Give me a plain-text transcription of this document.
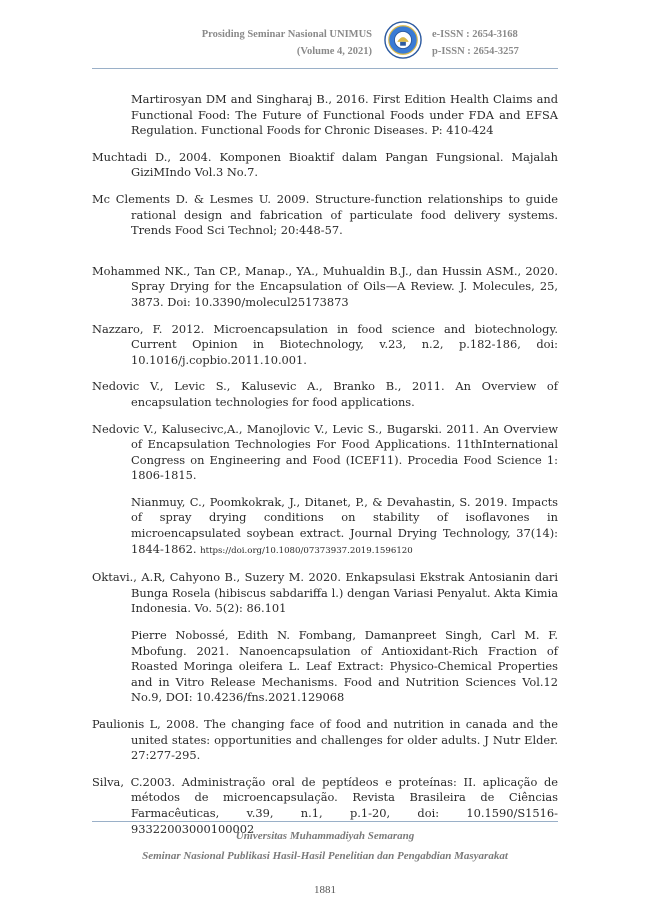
Prosiding Seminar Nasional UNIMUS
(Volume 4, 2021)
e-ISSN : 2654-3168
p-ISSN : 2654-3257

Martirosyan DM and Singharaj B., 2016. First Edition Health Claims and Functional Food: The Future of Functional Foods under FDA and EFSA Regulation. Functional Foods for Chronic Diseases. P: 410-424

Muchtadi D., 2004. Komponen Bioaktif dalam Pangan Fungsional. Majalah GiziMIndo Vol.3 No.7.

Mc Clements D. & Lesmes U. 2009. Structure-function relationships to guide rational design and fabrication of particulate food delivery systems. Trends Food Sci Technol; 20:448-57.

Mohammed NK., Tan CP., Manap., YA., Muhualdin B.J., dan Hussin ASM., 2020. Spray Drying for the Encapsulation of Oils—A Review. J. Molecules, 25, 3873. Doi: 10.3390/molecul25173873

Nazzaro, F. 2012. Microencapsulation in food science and biotechnology. Current Opinion in Biotechnology, v.23, n.2, p.182-186, doi: 10.1016/j.copbio.2011.10.001.

Nedovic V., Levic S., Kalusevic A., Branko B., 2011. An Overview of encapsulation technologies for food applications.

Nedovic V., Kalusecivc,A., Manojlovic V., Levic S., Bugarski. 2011. An Overview of Encapsulation Technologies For Food Applications. 11thInternational Congress on Engineering and Food (ICEF11). Procedia Food Science 1: 1806-1815.

Nianmuy, C., Poomkokrak, J., Ditanet, P., & Devahastin, S. 2019. Impacts of spray drying conditions on stability of isoflavones in microencapsulated soybean extract. Journal Drying Technology, 37(14): 1844-1862. https://doi.org/10.1080/07373937.2019.1596120

Oktavi., A.R, Cahyono B., Suzery M. 2020. Enkapsulasi Ekstrak Antosianin dari Bunga Rosela (hibiscus sabdariffa l.) dengan Variasi Penyalut. Akta Kimia Indonesia. Vo. 5(2): 86.101

Pierre Nobossé, Edith N. Fombang, Damanpreet Singh, Carl M. F. Mbofung. 2021. Nanoencapsulation of Antioxidant-Rich Fraction of Roasted Moringa oleifera L. Leaf Extract: Physico-Chemical Properties and in Vitro Release Mechanisms. Food and Nutrition Sciences Vol.12 No.9, DOI: 10.4236/fns.2021.129068

Paulionis L, 2008. The changing face of food and nutrition in canada and the united states: opportunities and challenges for older adults. J Nutr Elder. 27:277-295.

Silva, C.2003. Administração oral de peptídeos e proteínas: II. aplicação de métodos de microencapsulação. Revista Brasileira de Ciências Farmacêuticas, v.39, n.1, p.1-20, doi: 10.1590/S1516-93322003000100002

Universitas Muhammadiyah Semarang
Seminar Nasional Publikasi Hasil-Hasil Penelitian dan Pengabdian Masyarakat
1881
